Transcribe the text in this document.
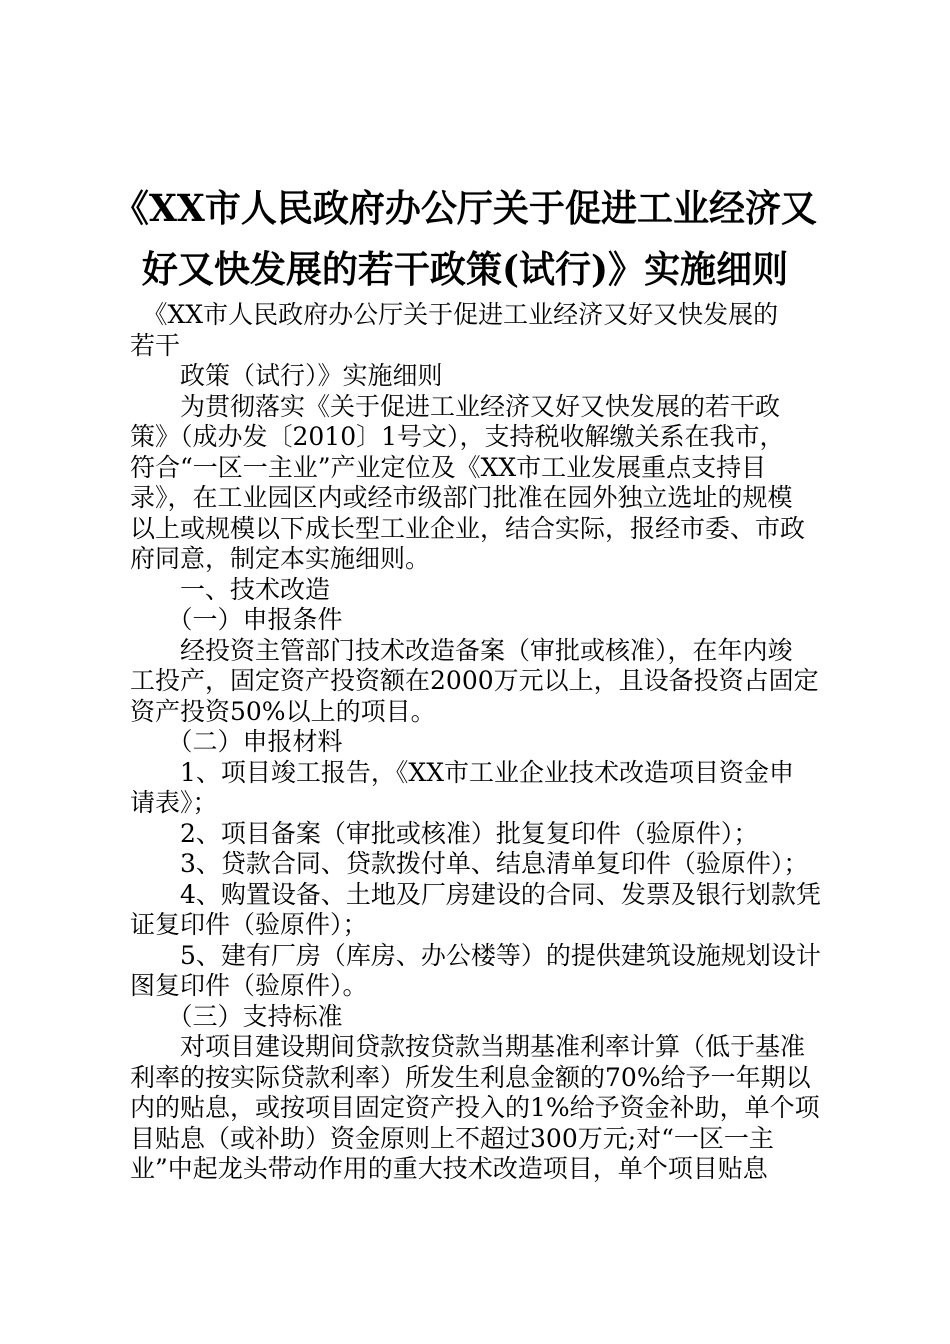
《XX市人民政府办公厅关于促进工业经济又
好又快发展的若干政策(试行)》实施细则

　《XX市人民政府办公厅关于促进工业经济又好又快发展的

若干

　　政策（试行）》实施细则

　　为贯彻落实《关于促进工业经济又好又快发展的若干政

策》（成办发〔2010〕1号文），支持税收解缴关系在我市，

符合“一区一主业”产业定位及《XX市工业发展重点支持目

录》，在工业园区内或经市级部门批准在园外独立选址的规模

以上或规模以下成长型工业企业，结合实际，报经市委、市政

府同意，制定本实施细则。

　　一、技术改造

　　（一）申报条件

　　经投资主管部门技术改造备案（审批或核准），在年内竣

工投产，固定资产投资额在2000万元以上，且设备投资占固定

资产投资50%以上的项目。

　　（二）申报材料

　　1、项目竣工报告，《XX市工业企业技术改造项目资金申

请表》；

　　2、项目备案（审批或核准）批复复印件（验原件）；

　　3、贷款合同、贷款拨付单、结息清单复印件（验原件）；

　　4、购置设备、土地及厂房建设的合同、发票及银行划款凭

证复印件（验原件）；

　　5、建有厂房（库房、办公楼等）的提供建筑设施规划设计

图复印件（验原件）。

　　（三）支持标准

　　对项目建设期间贷款按贷款当期基准利率计算（低于基准

利率的按实际贷款利率）所发生利息金额的70%给予一年期以

内的贴息，或按项目固定资产投入的1%给予资金补助，单个项

目贴息（或补助）资金原则上不超过300万元;对“一区一主

业”中起龙头带动作用的重大技术改造项目，单个项目贴息
